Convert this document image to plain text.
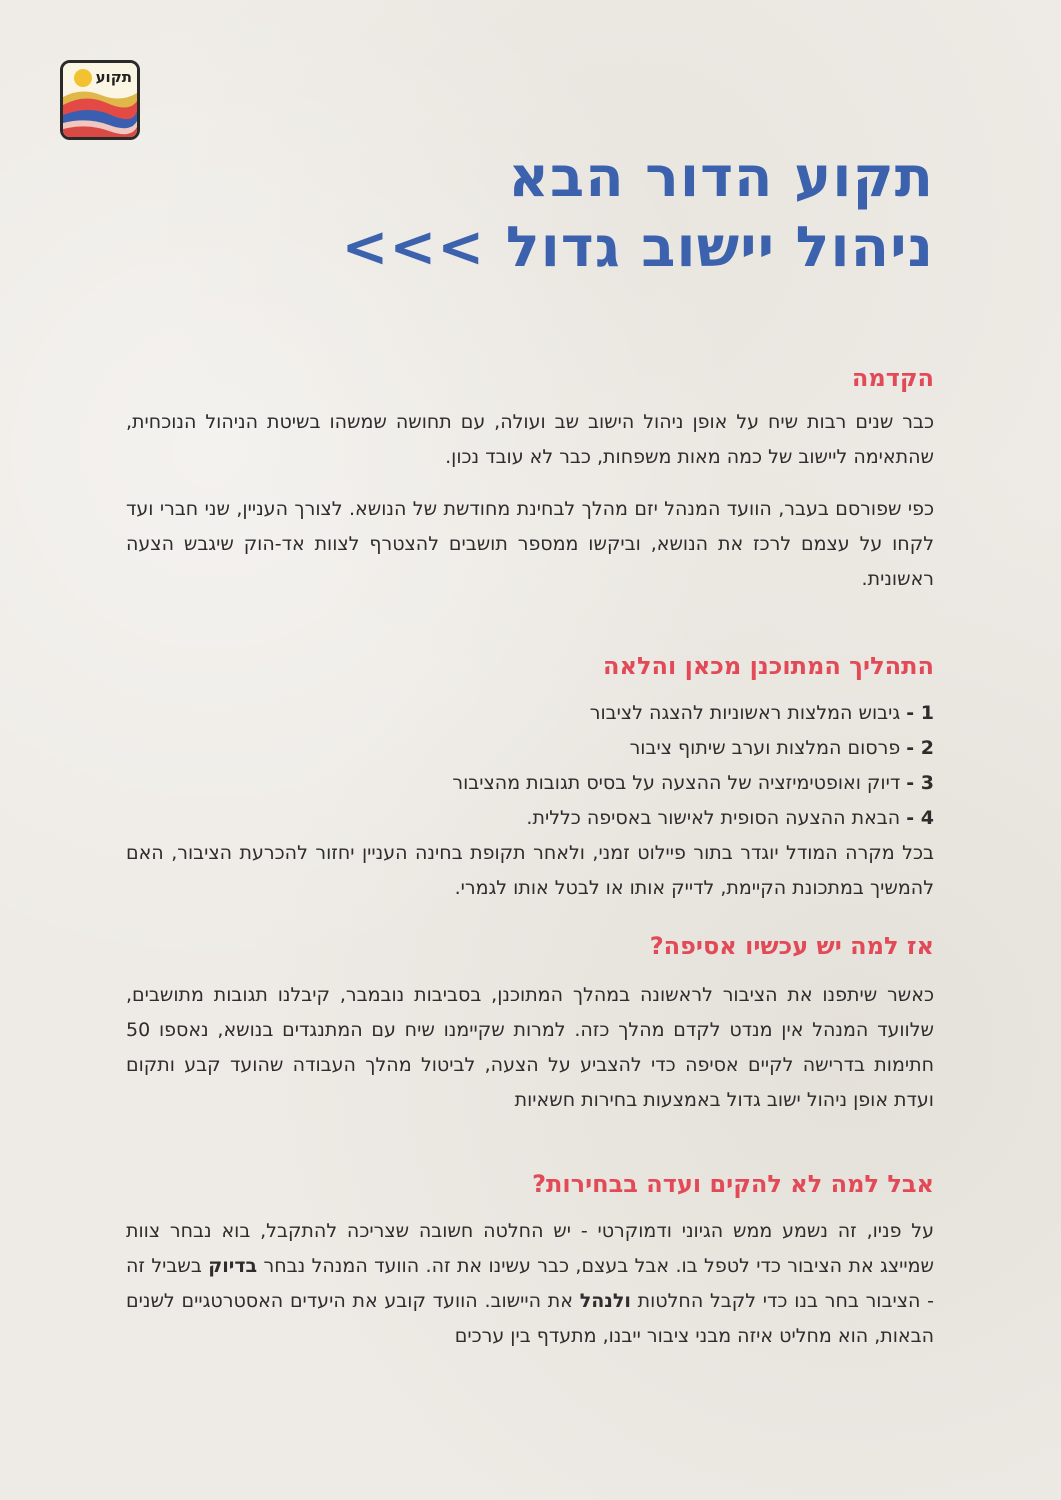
תקוע
תקוע הדור הבא
ניהול יישוב גדול >>>
הקדמה

כבר שנים רבות שיח על אופן ניהול הישוב שב ועולה, עם תחושה שמשהו בשיטת הניהול הנוכחית, שהתאימה ליישוב של כמה מאות משפחות, כבר לא עובד נכון.

כפי שפורסם בעבר, הוועד המנהל יזם מהלך לבחינת מחודשת של הנושא. לצורך העניין, שני חברי ועד לקחו על עצמם לרכז את הנושא, וביקשו ממספר תושבים להצטרף לצוות אד-הוק שיגבש הצעה ראשונית.

התהליך המתוכנן מכאן והלאה
1 - גיבוש המלצות ראשוניות להצגה לציבור
2 - פרסום המלצות וערב שיתוף ציבור
3 - דיוק ואופטימיזציה של ההצעה על בסיס תגובות מהציבור
4 - הבאת ההצעה הסופית לאישור באסיפה כללית.

בכל מקרה המודל יוגדר בתור פיילוט זמני, ולאחר תקופת בחינה העניין יחזור להכרעת הציבור, האם להמשיך במתכונת הקיימת, לדייק אותו או לבטל אותו לגמרי.

אז למה יש עכשיו אסיפה?

כאשר שיתפנו את הציבור לראשונה במהלך המתוכנן, בסביבות נובמבר, קיבלנו תגובות מתושבים, שלוועד המנהל אין מנדט לקדם מהלך כזה. למרות שקיימנו שיח עם המתנגדים בנושא, נאספו 50 חתימות בדרישה לקיים אסיפה כדי להצביע על הצעה, לביטול מהלך העבודה שהועד קבע ותקום ועדת אופן ניהול ישוב גדול באמצעות בחירות חשאיות

אבל למה לא להקים ועדה בבחירות?

על פניו, זה נשמע ממש הגיוני ודמוקרטי - יש החלטה חשובה שצריכה להתקבל, בוא נבחר צוות שמייצג את הציבור כדי לטפל בו. אבל בעצם, כבר עשינו את זה. הוועד המנהל נבחר בדיוק בשביל זה - הציבור בחר בנו כדי לקבל החלטות ולנהל את היישוב. הוועד קובע את היעדים האסטרטגיים לשנים הבאות, הוא מחליט איזה מבני ציבור ייבנו, מתעדף בין ערכים
